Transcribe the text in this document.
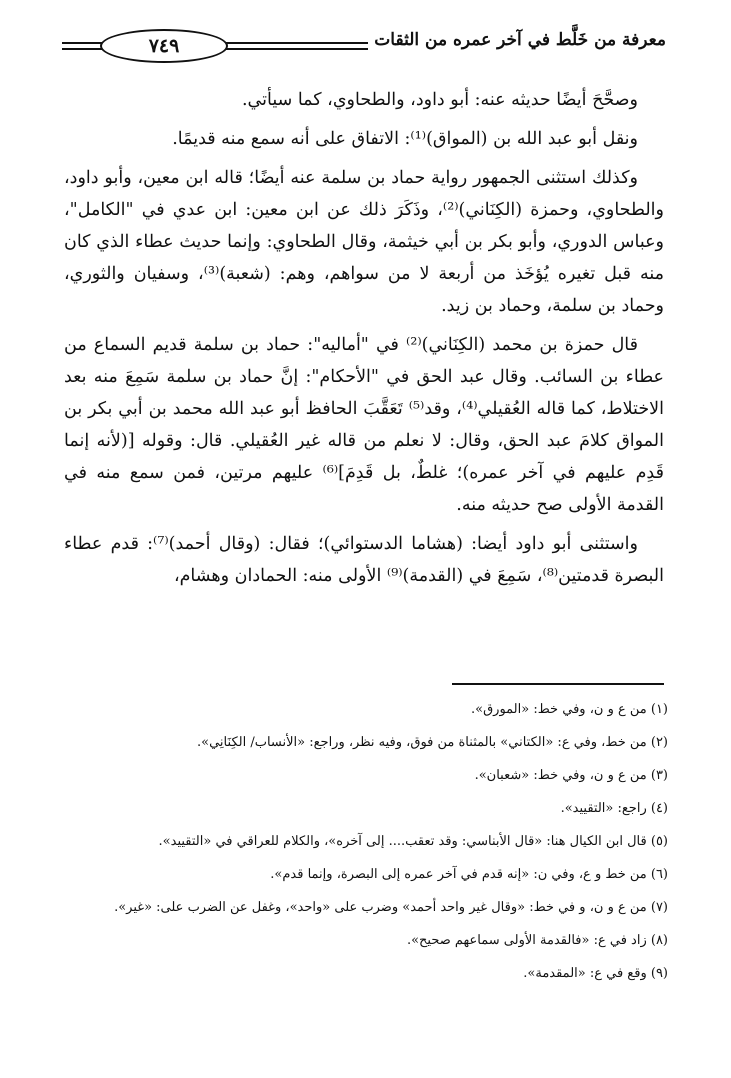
٧٤٩	معرفة من خَلَّط في آخر عمره من الثقات

وصحَّحَ أيضًا حديثه عنه: أبو داود، والطحاوي، كما سيأتي.

ونقل أبو عبد الله بن (المواق)⁽¹⁾: الاتفاق على أنه سمع منه قديمًا.

وكذلك استثنى الجمهور رواية حماد بن سلمة عنه أيضًا؛ قاله ابن معين، وأبو داود، والطحاوي، وحمزة (الكِنَاني)⁽²⁾، وذَكَرَ ذلك عن ابن معين: ابن عدي في "الكامل"، وعباس الدوري، وأبو بكر بن أبي خيثمة، وقال الطحاوي: وإنما حديث عطاء الذي كان منه قبل تغيره يُؤخَذ من أربعة لا من سواهم، وهم: (شعبة)⁽³⁾، وسفيان والثوري، وحماد بن سلمة، وحماد بن زيد.

قال حمزة بن محمد (الكِنَاني)⁽²⁾ في "أماليه": حماد بن سلمة قديم السماع من عطاء بن السائب. وقال عبد الحق في "الأحكام": إنَّ حماد بن سلمة سَمِعَ منه بعد الاختلاط، كما قاله العُقيلي⁽⁴⁾، وقد⁽⁵⁾ تَعَقَّبَ الحافظ أبو عبد الله محمد بن أبي بكر بن المواق كلامَ عبد الحق، وقال: لا نعلم من قاله غير العُقيلي. قال: وقوله [(لأنه إنما قَدِم عليهم في آخر عمره)؛ غلطٌ، بل قَدِمَ]⁽⁶⁾ عليهم مرتين، فمن سمع منه في القدمة الأولى صح حديثه منه.

واستثنى أبو داود أيضا: (هشاما الدستوائي)؛ فقال: (وقال أحمد)⁽⁷⁾: قدم عطاء البصرة قدمتين⁽⁸⁾، سَمِعَ في (القدمة)⁽⁹⁾ الأولى منه: الحمادان وهشام،

(١) من ع و ن، وفي خط: «المورق».

(٢) من خط، وفي ع: «الكتاني» بالمثناة من فوق، وفيه نظر، وراجع: «الأنساب/ الكِنَانِي».

(٣) من ع و ن، وفي خط: «شعبان».

(٤) راجع: «التقييد».

(٥) قال ابن الكيال هنا: «قال الأبناسي: وقد تعقب.... إلى آخره»، والكلام للعراقي في «التقييد».

(٦) من خط و ع، وفي ن: «إنه قدم في آخر عمره إلى البصرة، وإنما قدم».

(٧) من ع و ن، و في خط: «وقال غير واحد أحمد» وضرب على «واحد»، وغفل عن الضرب على: «غير».

(٨) زاد في ع: «فالقدمة الأولى سماعهم صحيح».

(٩) وقع في ع: «المقدمة».
